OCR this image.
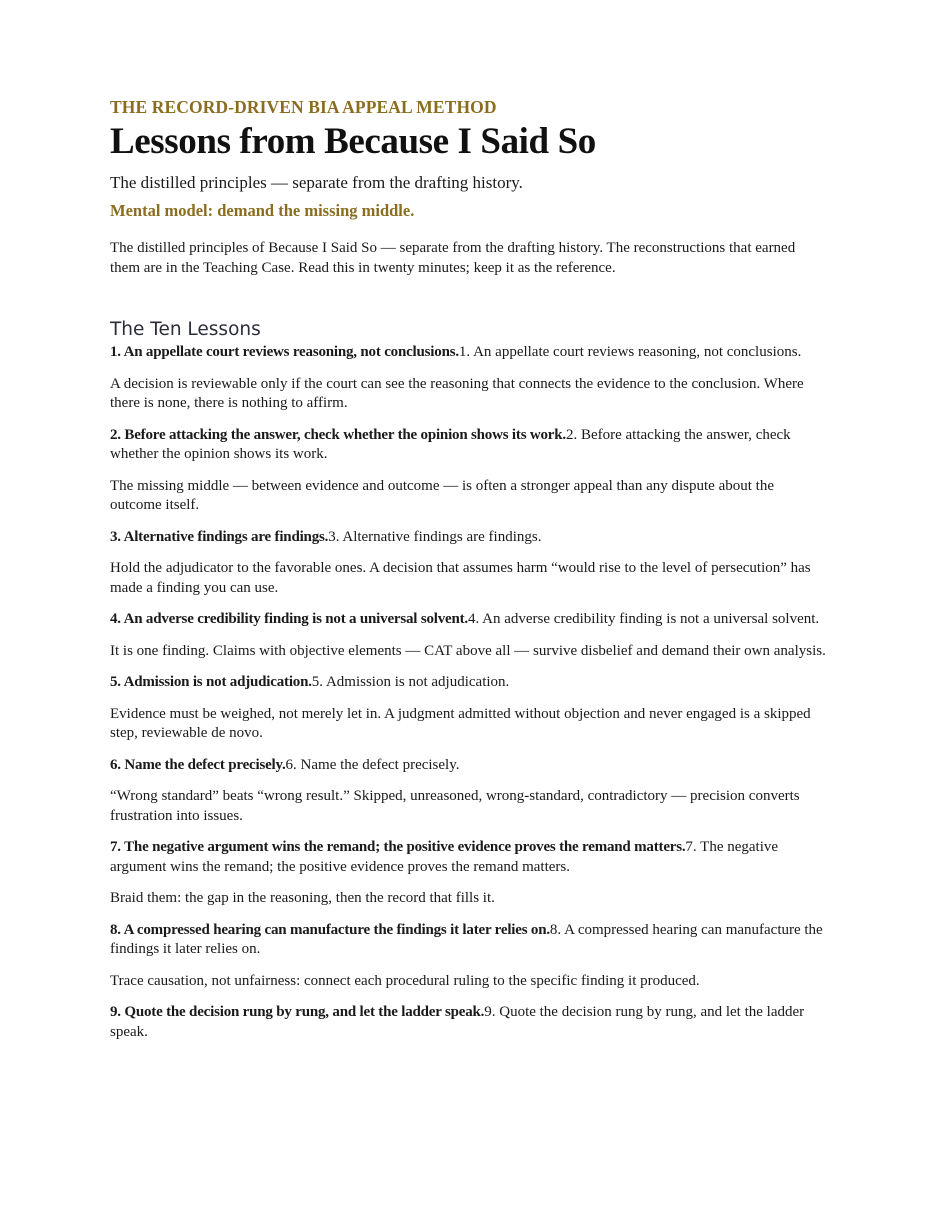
THE RECORD-DRIVEN BIA APPEAL METHOD

Lessons from Because I Said So

The distilled principles — separate from the drafting history.

Mental model: demand the missing middle.

The distilled principles of Because I Said So — separate from the drafting history. The reconstructions that earned them are in the Teaching Case. Read this in twenty minutes; keep it as the reference.

The Ten Lessons

1. An appellate court reviews reasoning, not conclusions.1. An appellate court reviews reasoning, not conclusions.

A decision is reviewable only if the court can see the reasoning that connects the evidence to the conclusion. Where there is none, there is nothing to affirm.

2. Before attacking the answer, check whether the opinion shows its work.2. Before attacking the answer, check whether the opinion shows its work.

The missing middle — between evidence and outcome — is often a stronger appeal than any dispute about the outcome itself.

3. Alternative findings are findings.3. Alternative findings are findings.

Hold the adjudicator to the favorable ones. A decision that assumes harm “would rise to the level of persecution” has made a finding you can use.

4. An adverse credibility finding is not a universal solvent.4. An adverse credibility finding is not a universal solvent.

It is one finding. Claims with objective elements — CAT above all — survive disbelief and demand their own analysis.

5. Admission is not adjudication.5. Admission is not adjudication.

Evidence must be weighed, not merely let in. A judgment admitted without objection and never engaged is a skipped step, reviewable de novo.

6. Name the defect precisely.6. Name the defect precisely.

“Wrong standard” beats “wrong result.” Skipped, unreasoned, wrong-standard, contradictory — precision converts frustration into issues.

7. The negative argument wins the remand; the positive evidence proves the remand matters.7. The negative argument wins the remand; the positive evidence proves the remand matters.

Braid them: the gap in the reasoning, then the record that fills it.

8. A compressed hearing can manufacture the findings it later relies on.8. A compressed hearing can manufacture the findings it later relies on.

Trace causation, not unfairness: connect each procedural ruling to the specific finding it produced.

9. Quote the decision rung by rung, and let the ladder speak.9. Quote the decision rung by rung, and let the ladder speak.
